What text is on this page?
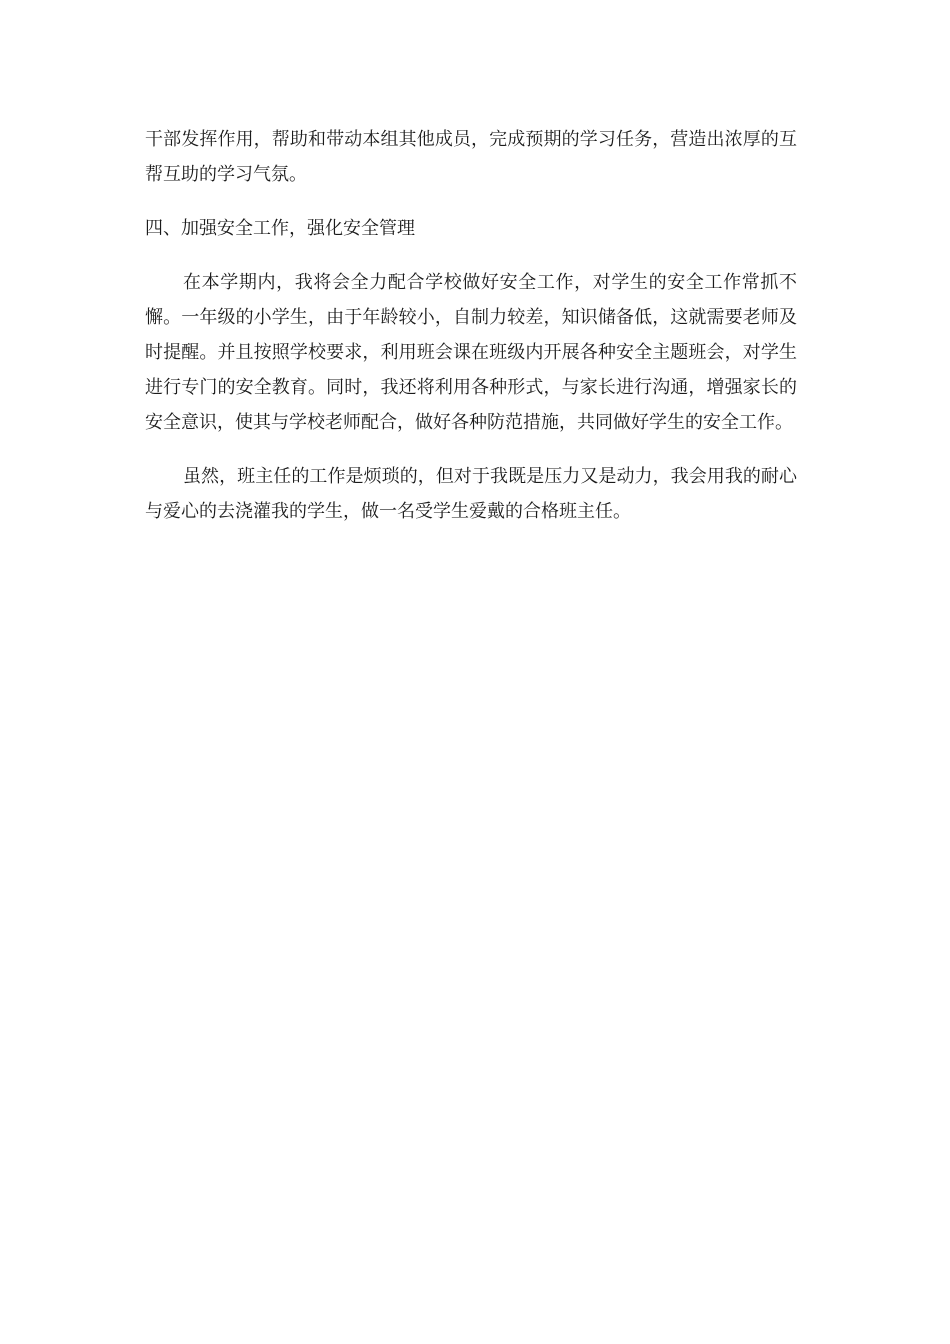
干部发挥作用，帮助和带动本组其他成员，完成预期的学习任务，营造出浓厚的互帮互助的学习气氛。

四、加强安全工作，强化安全管理

在本学期内，我将会全力配合学校做好安全工作，对学生的安全工作常抓不懈。一年级的小学生，由于年龄较小，自制力较差，知识储备低，这就需要老师及时提醒。并且按照学校要求，利用班会课在班级内开展各种安全主题班会，对学生进行专门的安全教育。同时，我还将利用各种形式，与家长进行沟通，增强家长的安全意识，使其与学校老师配合，做好各种防范措施，共同做好学生的安全工作。

虽然，班主任的工作是烦琐的，但对于我既是压力又是动力，我会用我的耐心与爱心的去浇灌我的学生，做一名受学生爱戴的合格班主任。
